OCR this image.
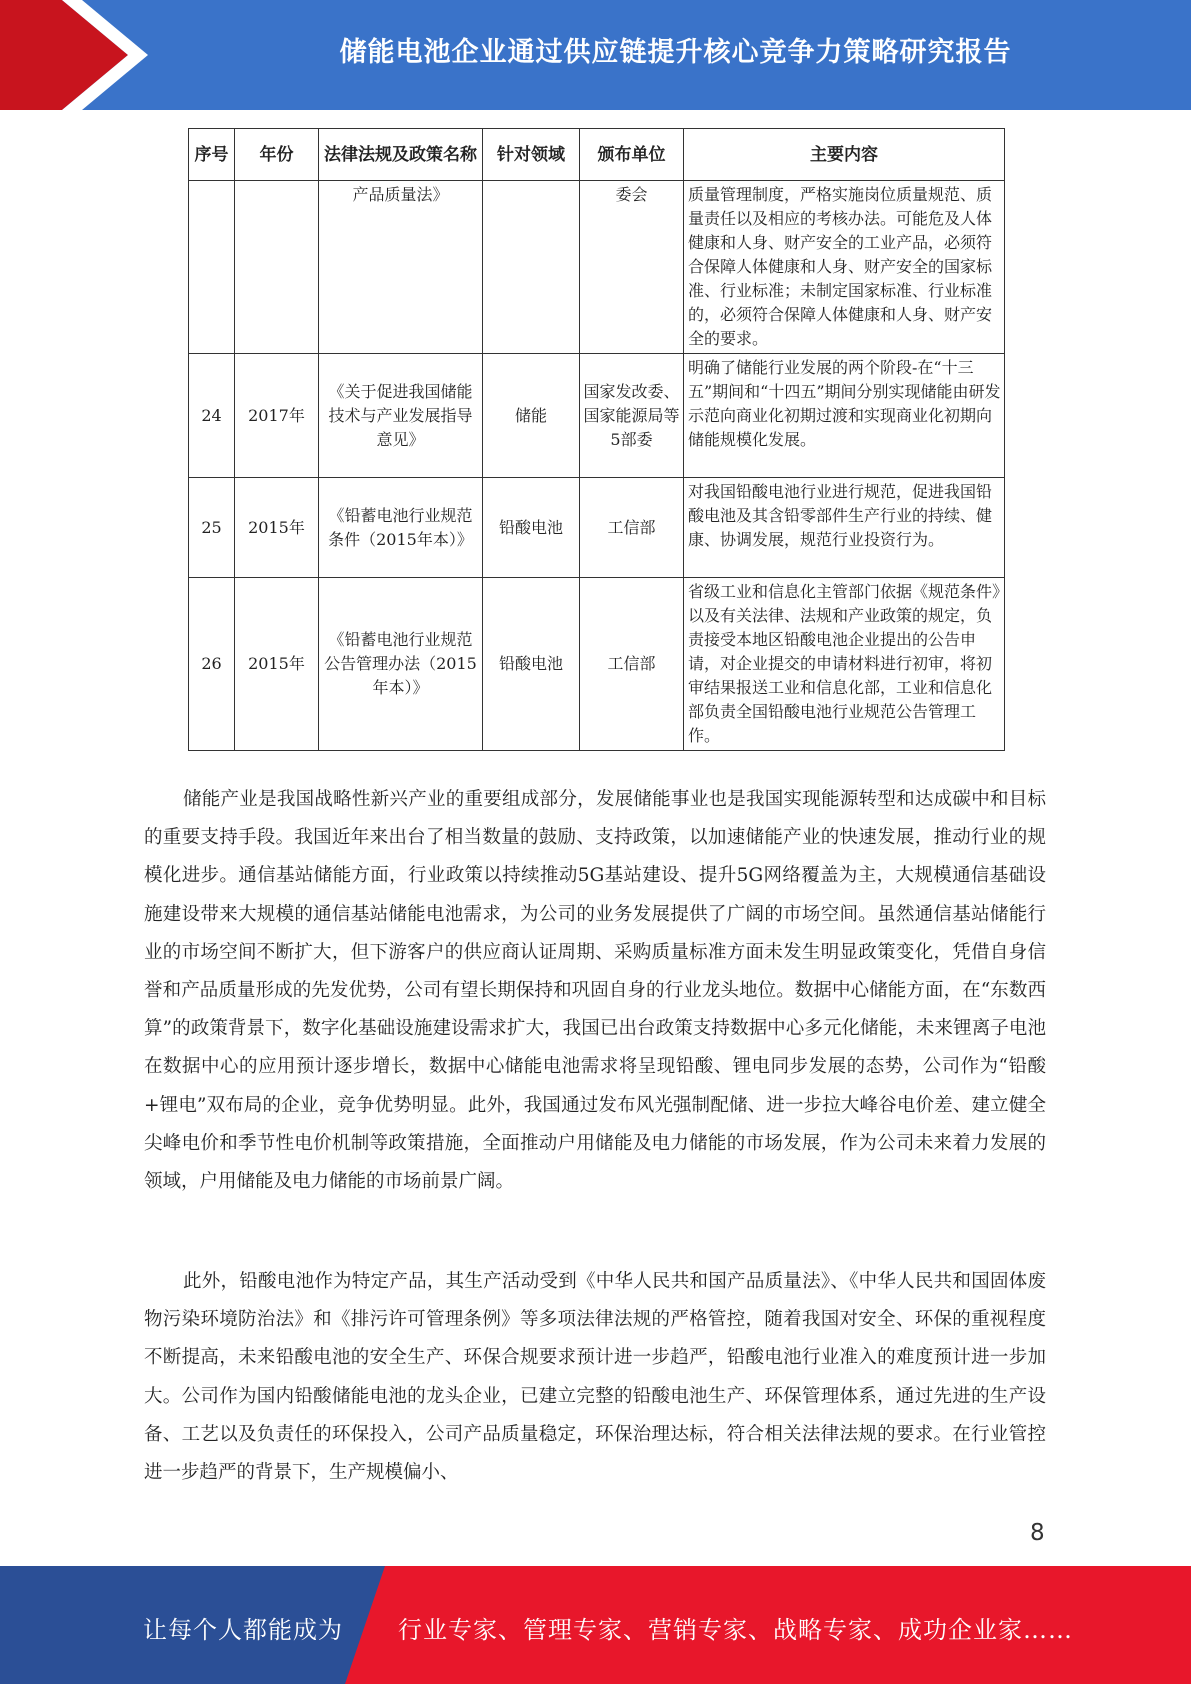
储能电池企业通过供应链提升核心竞争力策略研究报告
序号	年份	法律法规及政策名称	针对领域	颁布单位	主要内容
		产品质量法》		委会	质量管理制度，严格实施岗位质量规范、质量责任以及相应的考核办法。可能危及人体健康和人身、财产安全的工业产品，必须符合保障人体健康和人身、财产安全的国家标准、行业标准；未制定国家标准、行业标准的，必须符合保障人体健康和人身、财产安全的要求。
24	2017年	《关于促进我国储能技术与产业发展指导意见》	储能	国家发改委、国家能源局等5部委	明确了储能行业发展的两个阶段-在“十三五”期间和“十四五”期间分别实现储能由研发示范向商业化初期过渡和实现商业化初期向储能规模化发展。
25	2015年	《铅蓄电池行业规范条件（2015年本）》	铅酸电池	工信部	对我国铅酸电池行业进行规范，促进我国铅酸电池及其含铅零部件生产行业的持续、健康、协调发展，规范行业投资行为。
26	2015年	《铅蓄电池行业规范公告管理办法（2015年本）》	铅酸电池	工信部	省级工业和信息化主管部门依据《规范条件》以及有关法律、法规和产业政策的规定，负责接受本地区铅酸电池企业提出的公告申请，对企业提交的申请材料进行初审，将初审结果报送工业和信息化部，工业和信息化部负责全国铅酸电池行业规范公告管理工作。

储能产业是我国战略性新兴产业的重要组成部分，发展储能事业也是我国实现能源转型和达成碳中和目标的重要支持手段。我国近年来出台了相当数量的鼓励、支持政策，以加速储能产业的快速发展，推动行业的规模化进步。通信基站储能方面，行业政策以持续推动5G基站建设、提升5G网络覆盖为主，大规模通信基础设施建设带来大规模的通信基站储能电池需求，为公司的业务发展提供了广阔的市场空间。虽然通信基站储能行业的市场空间不断扩大，但下游客户的供应商认证周期、采购质量标准方面未发生明显政策变化，凭借自身信誉和产品质量形成的先发优势，公司有望长期保持和巩固自身的行业龙头地位。数据中心储能方面，在“东数西算”的政策背景下，数字化基础设施建设需求扩大，我国已出台政策支持数据中心多元化储能，未来锂离子电池在数据中心的应用预计逐步增长，数据中心储能电池需求将呈现铅酸、锂电同步发展的态势，公司作为“铅酸+锂电”双布局的企业，竞争优势明显。此外，我国通过发布风光强制配储、进一步拉大峰谷电价差、建立健全尖峰电价和季节性电价机制等政策措施，全面推动户用储能及电力储能的市场发展，作为公司未来着力发展的领域，户用储能及电力储能的市场前景广阔。

此外，铅酸电池作为特定产品，其生产活动受到《中华人民共和国产品质量法》、《中华人民共和国固体废物污染环境防治法》和《排污许可管理条例》等多项法律法规的严格管控，随着我国对安全、环保的重视程度不断提高，未来铅酸电池的安全生产、环保合规要求预计进一步趋严，铅酸电池行业准入的难度预计进一步加大。公司作为国内铅酸储能电池的龙头企业，已建立完整的铅酸电池生产、环保管理体系，通过先进的生产设备、工艺以及负责任的环保投入，公司产品质量稳定，环保治理达标，符合相关法律法规的要求。在行业管控进一步趋严的背景下，生产规模偏小、

8
让每个人都能成为 行业专家、管理专家、营销专家、战略专家、成功企业家……
